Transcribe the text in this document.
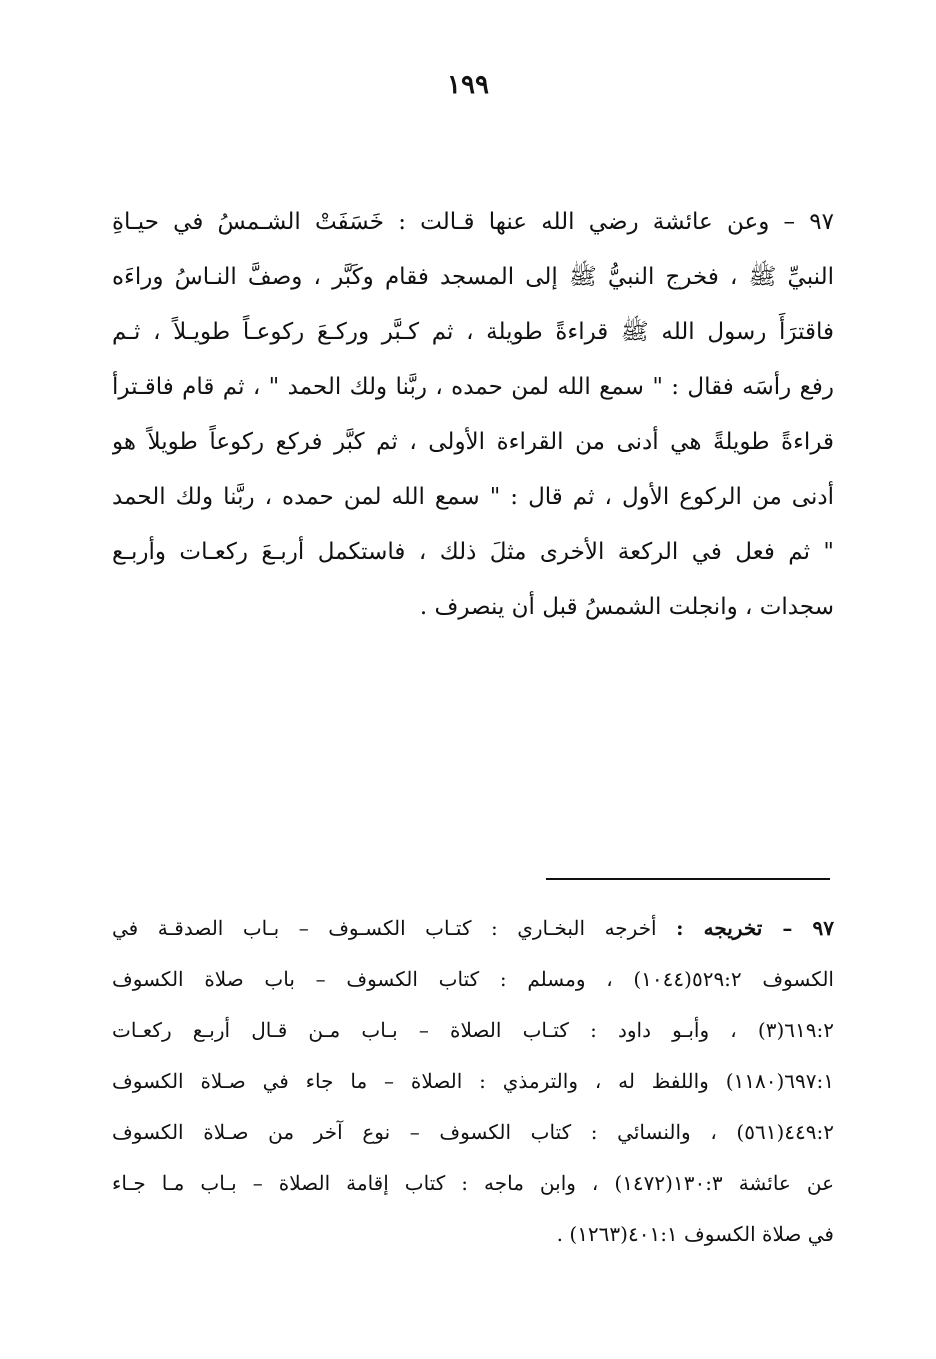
١٩٩
٩٧ – وعن عائشة رضي الله عنها قـالت : خَسَفَتْ الشـمسُ في حيـاةِ
النبيِّ ﷺ ، فخرج النبيُّ ﷺ إلى المسجد فقام وكَبَّر ، وصفَّ النـاسُ وراءَه
فاقترَأَ رسول الله ﷺ قراءةً طويلة ، ثم كـبَّر وركـعَ ركوعـاً طويـلاً ، ثـم
رفع رأسَه فقال : " سمع الله لمن حمده ، ربَّنا ولك الحمد " ، ثم قام فاقـترأ
قراءةً طويلةً هي أدنى من القراءة الأولى ، ثم كبَّر فركع ركوعاً طويلاً هو
أدنى من الركوع الأول ، ثم قال : " سمع الله لمن حمده ، ربَّنا ولك الحمد
" ثم فعل في الركعة الأخرى مثلَ ذلك ، فاستكمل أربـعَ ركعـات وأربـع
سجدات ، وانجلت الشمسُ قبل أن ينصرف .
٩٧ – تخريجه : أخرجه البخـاري : كتـاب الكسـوف – بـاب الصدقـة في
الكسوف ٥٢٩:٢(١٠٤٤) ، ومسلم : كتاب الكسوف – باب صلاة الكسوف
٦١٩:٢(٣) ، وأبـو داود : كتـاب الصلاة – بـاب مـن قـال أربـع ركعـات
٦٩٧:١(١١٨٠) واللفظ له ، والترمذي : الصلاة – ما جاء في صـلاة الكسوف
٤٤٩:٢(٥٦١) ، والنسائي : كتاب الكسوف – نوع آخر من صـلاة الكسوف
عن عائشة ١٣٠:٣(١٤٧٢) ، وابن ماجه : كتاب إقامة الصلاة – بـاب مـا جـاء
في صلاة الكسوف ٤٠١:١(١٢٦٣) .
